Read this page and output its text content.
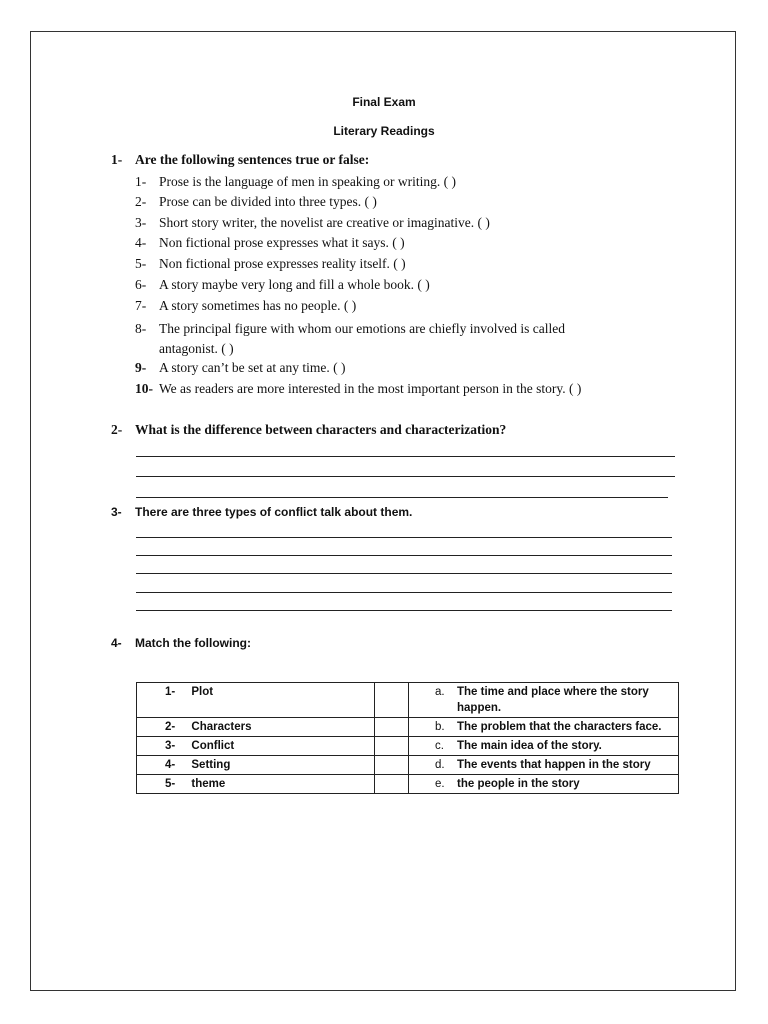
Final Exam
Literary Readings
1- Are the following sentences true or false:
1- Prose is the language of men in speaking or writing. ( )
2- Prose can be divided into three types. ( )
3- Short story writer, the novelist are creative or imaginative. ( )
4- Non fictional prose expresses what it says. ( )
5- Non fictional prose expresses reality itself. ( )
6- A story maybe very long and fill a whole book. ( )
7- A story sometimes has no people. ( )
8- The principal figure with whom our emotions are chiefly involved is called
antagonist. ( )
9- A story can’t be set at any time. ( )
10- We as readers are more interested in the most important person in the story. ( )
2- What is the difference between characters and characterization?
3- There are three types of conflict talk about them.
4- Match the following:
1- Plot		a. The time and place where the story happen.

2- Characters		b. The problem that the characters face.

3- Conflict		c. The main idea of the story.

4- Setting		d. The events that happen in the story

5- theme		e. the people in the story
